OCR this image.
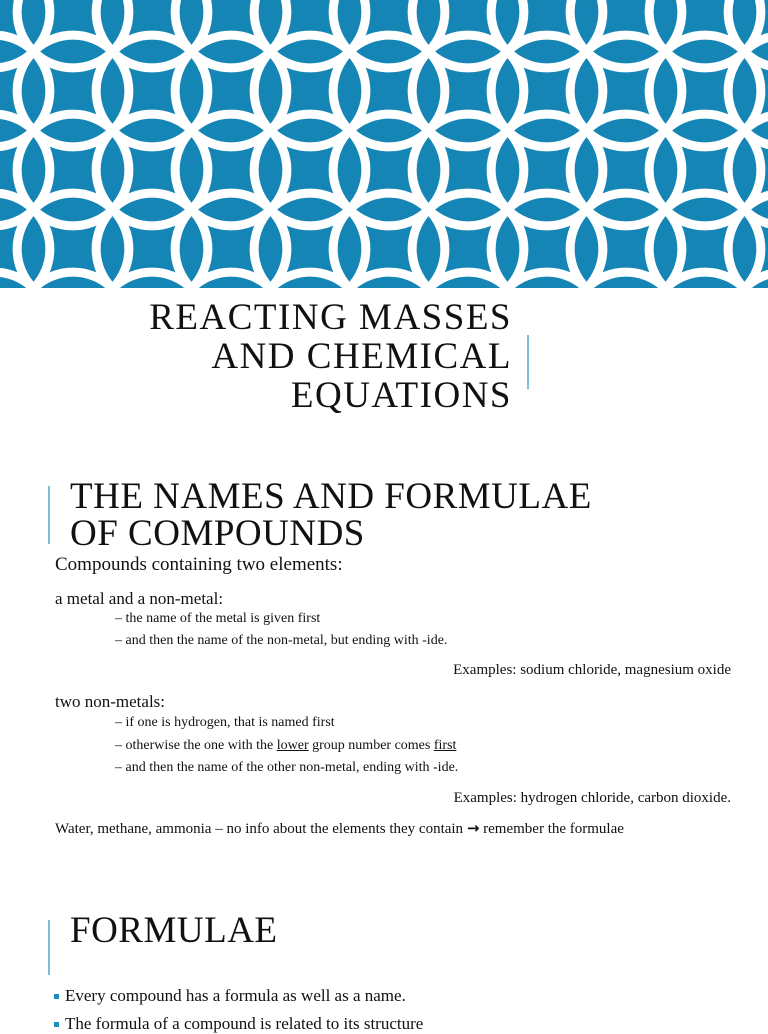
REACTING MASSES
AND CHEMICAL
EQUATIONS
THE NAMES AND FORMULAE
OF COMPOUNDS
Compounds containing two elements:
a metal and a non-metal:
– the name of the metal is given first
– and then the name of the non-metal, but ending with -ide.
Examples: sodium chloride, magnesium oxide
two non-metals:
– if one is hydrogen, that is named first
– otherwise the one with the lower group number comes first
– and then the name of the other non-metal, ending with -ide.
Examples: hydrogen chloride, carbon dioxide.
Water, methane, ammonia – no info about the elements they contain → remember the formulae
FORMULAE
Every compound has a formula as well as a name.
The formula of a compound is related to its structure
